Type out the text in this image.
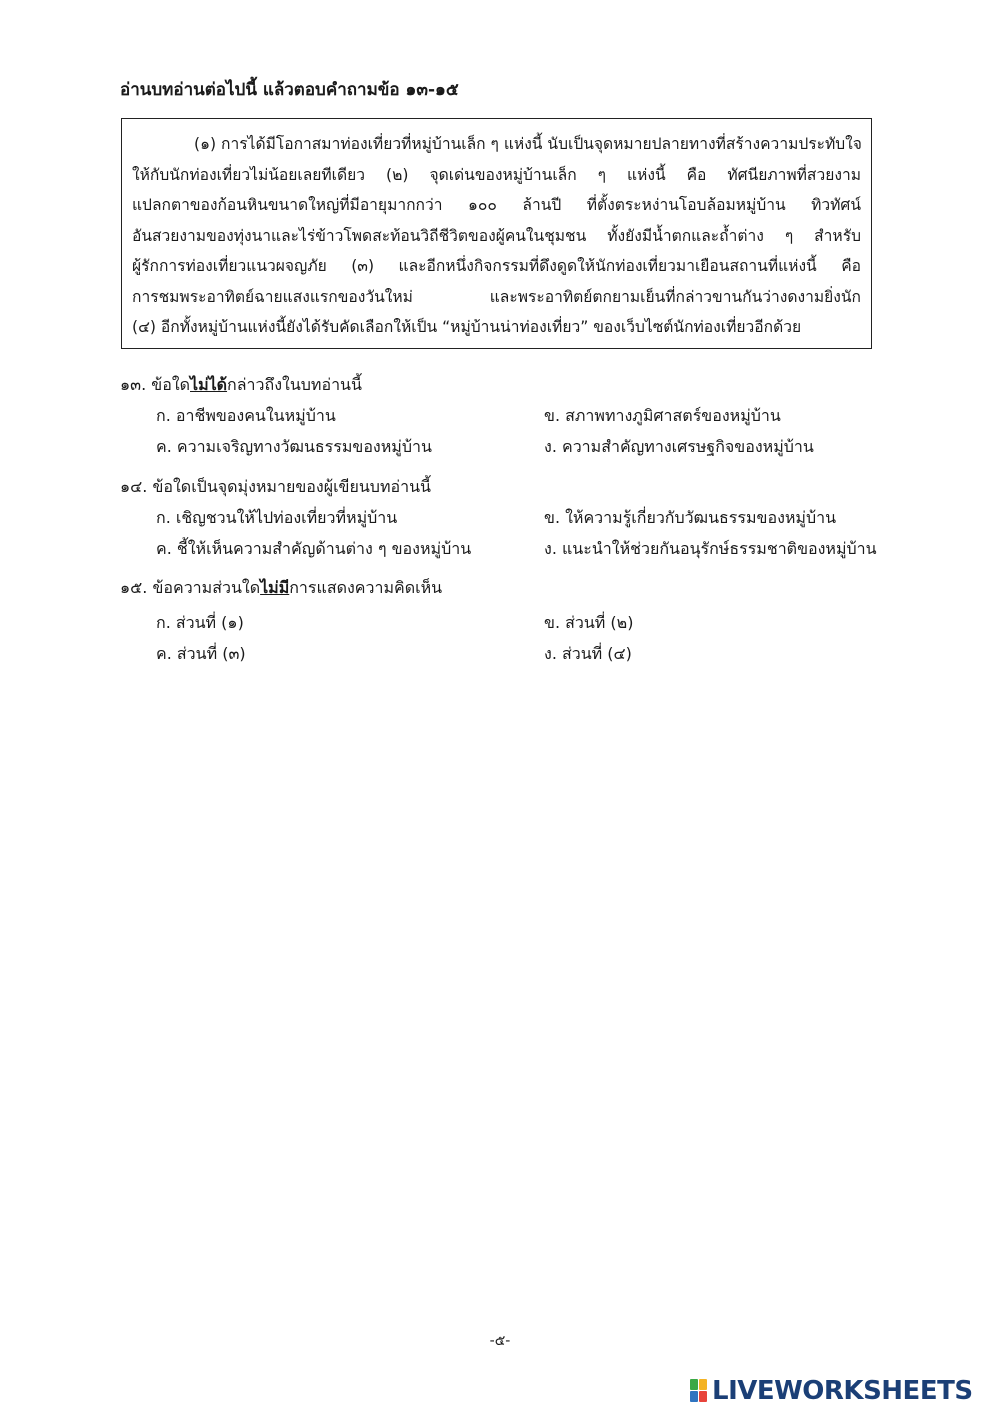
อ่านบทอ่านต่อไปนี้ แล้วตอบคำถามข้อ ๑๓-๑๕
(๑) การได้มีโอกาสมาท่องเที่ยวที่หมู่บ้านเล็ก ๆ แห่งนี้ นับเป็นจุดหมายปลายทางที่สร้างความประทับใจ
ให้กับนักท่องเที่ยวไม่น้อยเลยทีเดียว (๒) จุดเด่นของหมู่บ้านเล็ก ๆ แห่งนี้ คือ ทัศนียภาพที่สวยงาม
แปลกตาของก้อนหินขนาดใหญ่ที่มีอายุมากกว่า ๑๐๐ ล้านปี ที่ตั้งตระหง่านโอบล้อมหมู่บ้าน ทิวทัศน์
อันสวยงามของทุ่งนาและไร่ข้าวโพดสะท้อนวิถีชีวิตของผู้คนในชุมชน ทั้งยังมีน้ำตกและถ้ำต่าง ๆ สำหรับ
ผู้รักการท่องเที่ยวแนวผจญภัย (๓) และอีกหนึ่งกิจกรรมที่ดึงดูดให้นักท่องเที่ยวมาเยือนสถานที่แห่งนี้ คือ
การชมพระอาทิตย์ฉายแสงแรกของวันใหม่ และพระอาทิตย์ตกยามเย็นที่กล่าวขานกันว่างดงามยิ่งนัก
(๔) อีกทั้งหมู่บ้านแห่งนี้ยังได้รับคัดเลือกให้เป็น “หมู่บ้านน่าท่องเที่ยว” ของเว็บไซต์นักท่องเที่ยวอีกด้วย
๑๓. ข้อใดไม่ได้กล่าวถึงในบทอ่านนี้
ก. อาชีพของคนในหมู่บ้าน	ข. สภาพทางภูมิศาสตร์ของหมู่บ้าน
ค. ความเจริญทางวัฒนธรรมของหมู่บ้าน	ง. ความสำคัญทางเศรษฐกิจของหมู่บ้าน
๑๔. ข้อใดเป็นจุดมุ่งหมายของผู้เขียนบทอ่านนี้
ก. เชิญชวนให้ไปท่องเที่ยวที่หมู่บ้าน	ข. ให้ความรู้เกี่ยวกับวัฒนธรรมของหมู่บ้าน
ค. ชี้ให้เห็นความสำคัญด้านต่าง ๆ ของหมู่บ้าน	ง. แนะนำให้ช่วยกันอนุรักษ์ธรรมชาติของหมู่บ้าน
๑๕. ข้อความส่วนใดไม่มีการแสดงความคิดเห็น
ก. ส่วนที่ (๑)	ข. ส่วนที่ (๒)
ค. ส่วนที่ (๓)	ง. ส่วนที่ (๔)
-๕-
LIVEWORKSHEETS
